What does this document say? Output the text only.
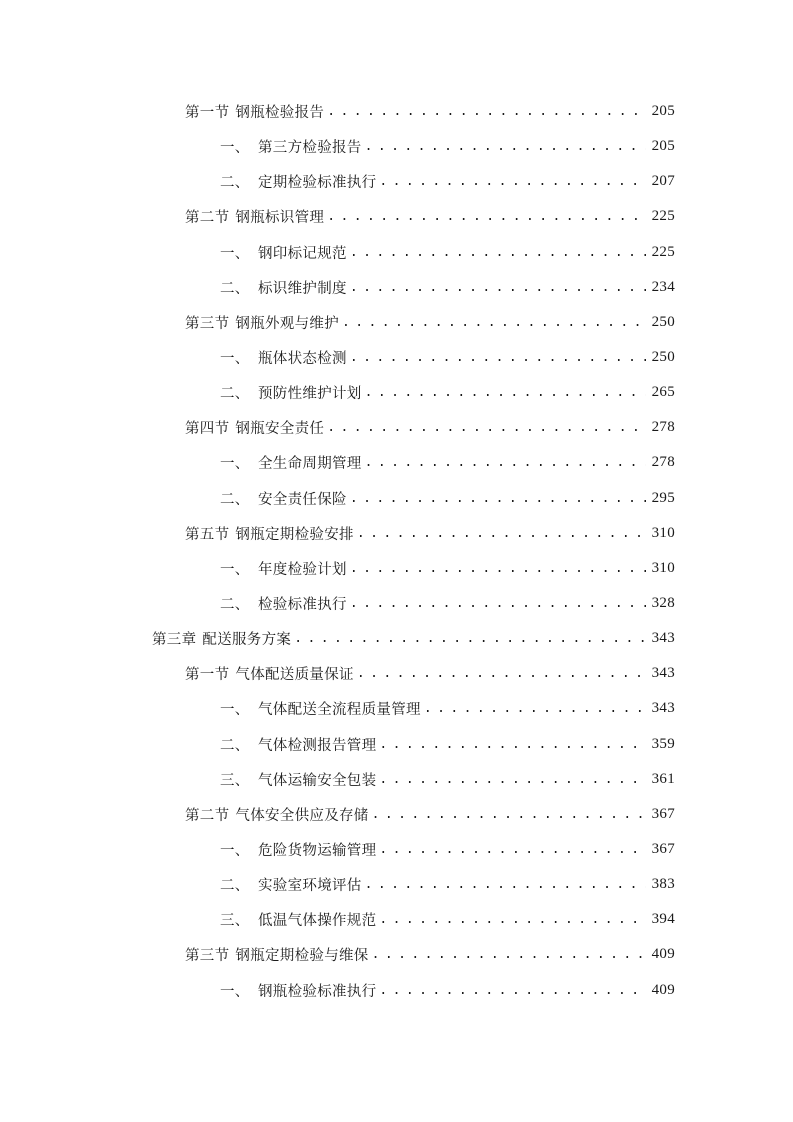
第一节 钢瓶检验报告 . . .	205
一、 第三方检验报告 . . .	205
二、 定期检验标准执行 . . .	207
第二节 钢瓶标识管理 . . .	225
一、 钢印标记规范 . . .	225
二、 标识维护制度 . . .	234
第三节 钢瓶外观与维护 . . .	250
一、 瓶体状态检测 . . .	250
二、 预防性维护计划 . . .	265
第四节 钢瓶安全责任 . . .	278
一、 全生命周期管理 . . .	278
二、 安全责任保险 . . .	295
第五节 钢瓶定期检验安排 . . .	310
一、 年度检验计划 . . .	310
二、 检验标准执行 . . .	328
第三章 配送服务方案 . . .	343
第一节 气体配送质量保证 . . .	343
一、 气体配送全流程质量管理 . . .	343
二、 气体检测报告管理 . . .	359
三、 气体运输安全包装 . . .	361
第二节 气体安全供应及存储 . . .	367
一、 危险货物运输管理 . . .	367
二、 实验室环境评估 . . .	383
三、 低温气体操作规范 . . .	394
第三节 钢瓶定期检验与维保 . . .	409
一、 钢瓶检验标准执行 . . .	409
